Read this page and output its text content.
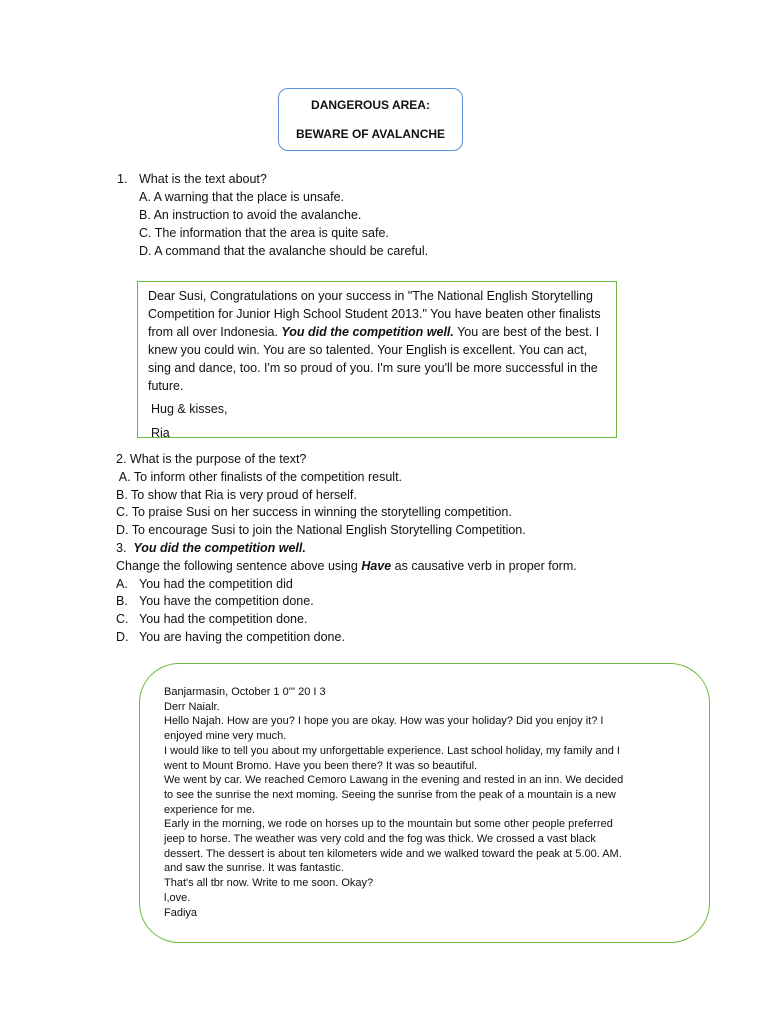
DANGEROUS AREA:
BEWARE OF AVALANCHE
1. What is the text about?
A. A warning that the place is unsafe.
B. An instruction to avoid the avalanche.
C. The information that the area is quite safe.
D. A command that the avalanche should be careful.

Dear Susi, Congratulations on your success in "The National English Storytelling Competition for Junior High School Student 2013." You have beaten other finalists from all over Indonesia. You did the competition well. You are best of the best. I knew you could win. You are so talented. Your English is excellent. You can act, sing and dance, too. I'm so proud of you. I'm sure you'll be more successful in the future.

Hug & kisses,

Ria

2. What is the purpose of the text?
A. To inform other finalists of the competition result.
B. To show that Ria is very proud of herself.
C. To praise Susi on her success in winning the storytelling competition.
D. To encourage Susi to join the National English Storytelling Competition.
3. You did the competition well.
Change the following sentence above using Have as causative verb in proper form.
A. You had the competition did
B. You have the competition done.
C. You had the competition done.
D. You are having the competition done.
Banjarmasin, October 1 0''' 20 I 3
Derr Naialr.
Hello Najah. How are you? I hope you are okay. How was your holiday? Did you enjoy it? I enjoyed mine very much.
I would like to tell you about my unforgettable experience. Last school holiday, my family and I went to Mount Bromo. Have you been there? It was so beautiful.
We went by car. We reached Cemoro Lawang in the evening and rested in an inn. We decided to see the sunrise the next moming. Seeing the sunrise from the peak of a mountain is a new experience for me.
Early in the morning, we rode on horses up to the mountain but some other people preferred jeep to horse. The weather was very cold and the fog was thick. We crossed a vast black dessert. The dessert is about ten kilometers wide and we walked toward the peak at 5.00. AM. and saw the sunrise. It was fantastic.
That's all tbr now. Write to me soon. Okay?
l,ove.
Fadiya
